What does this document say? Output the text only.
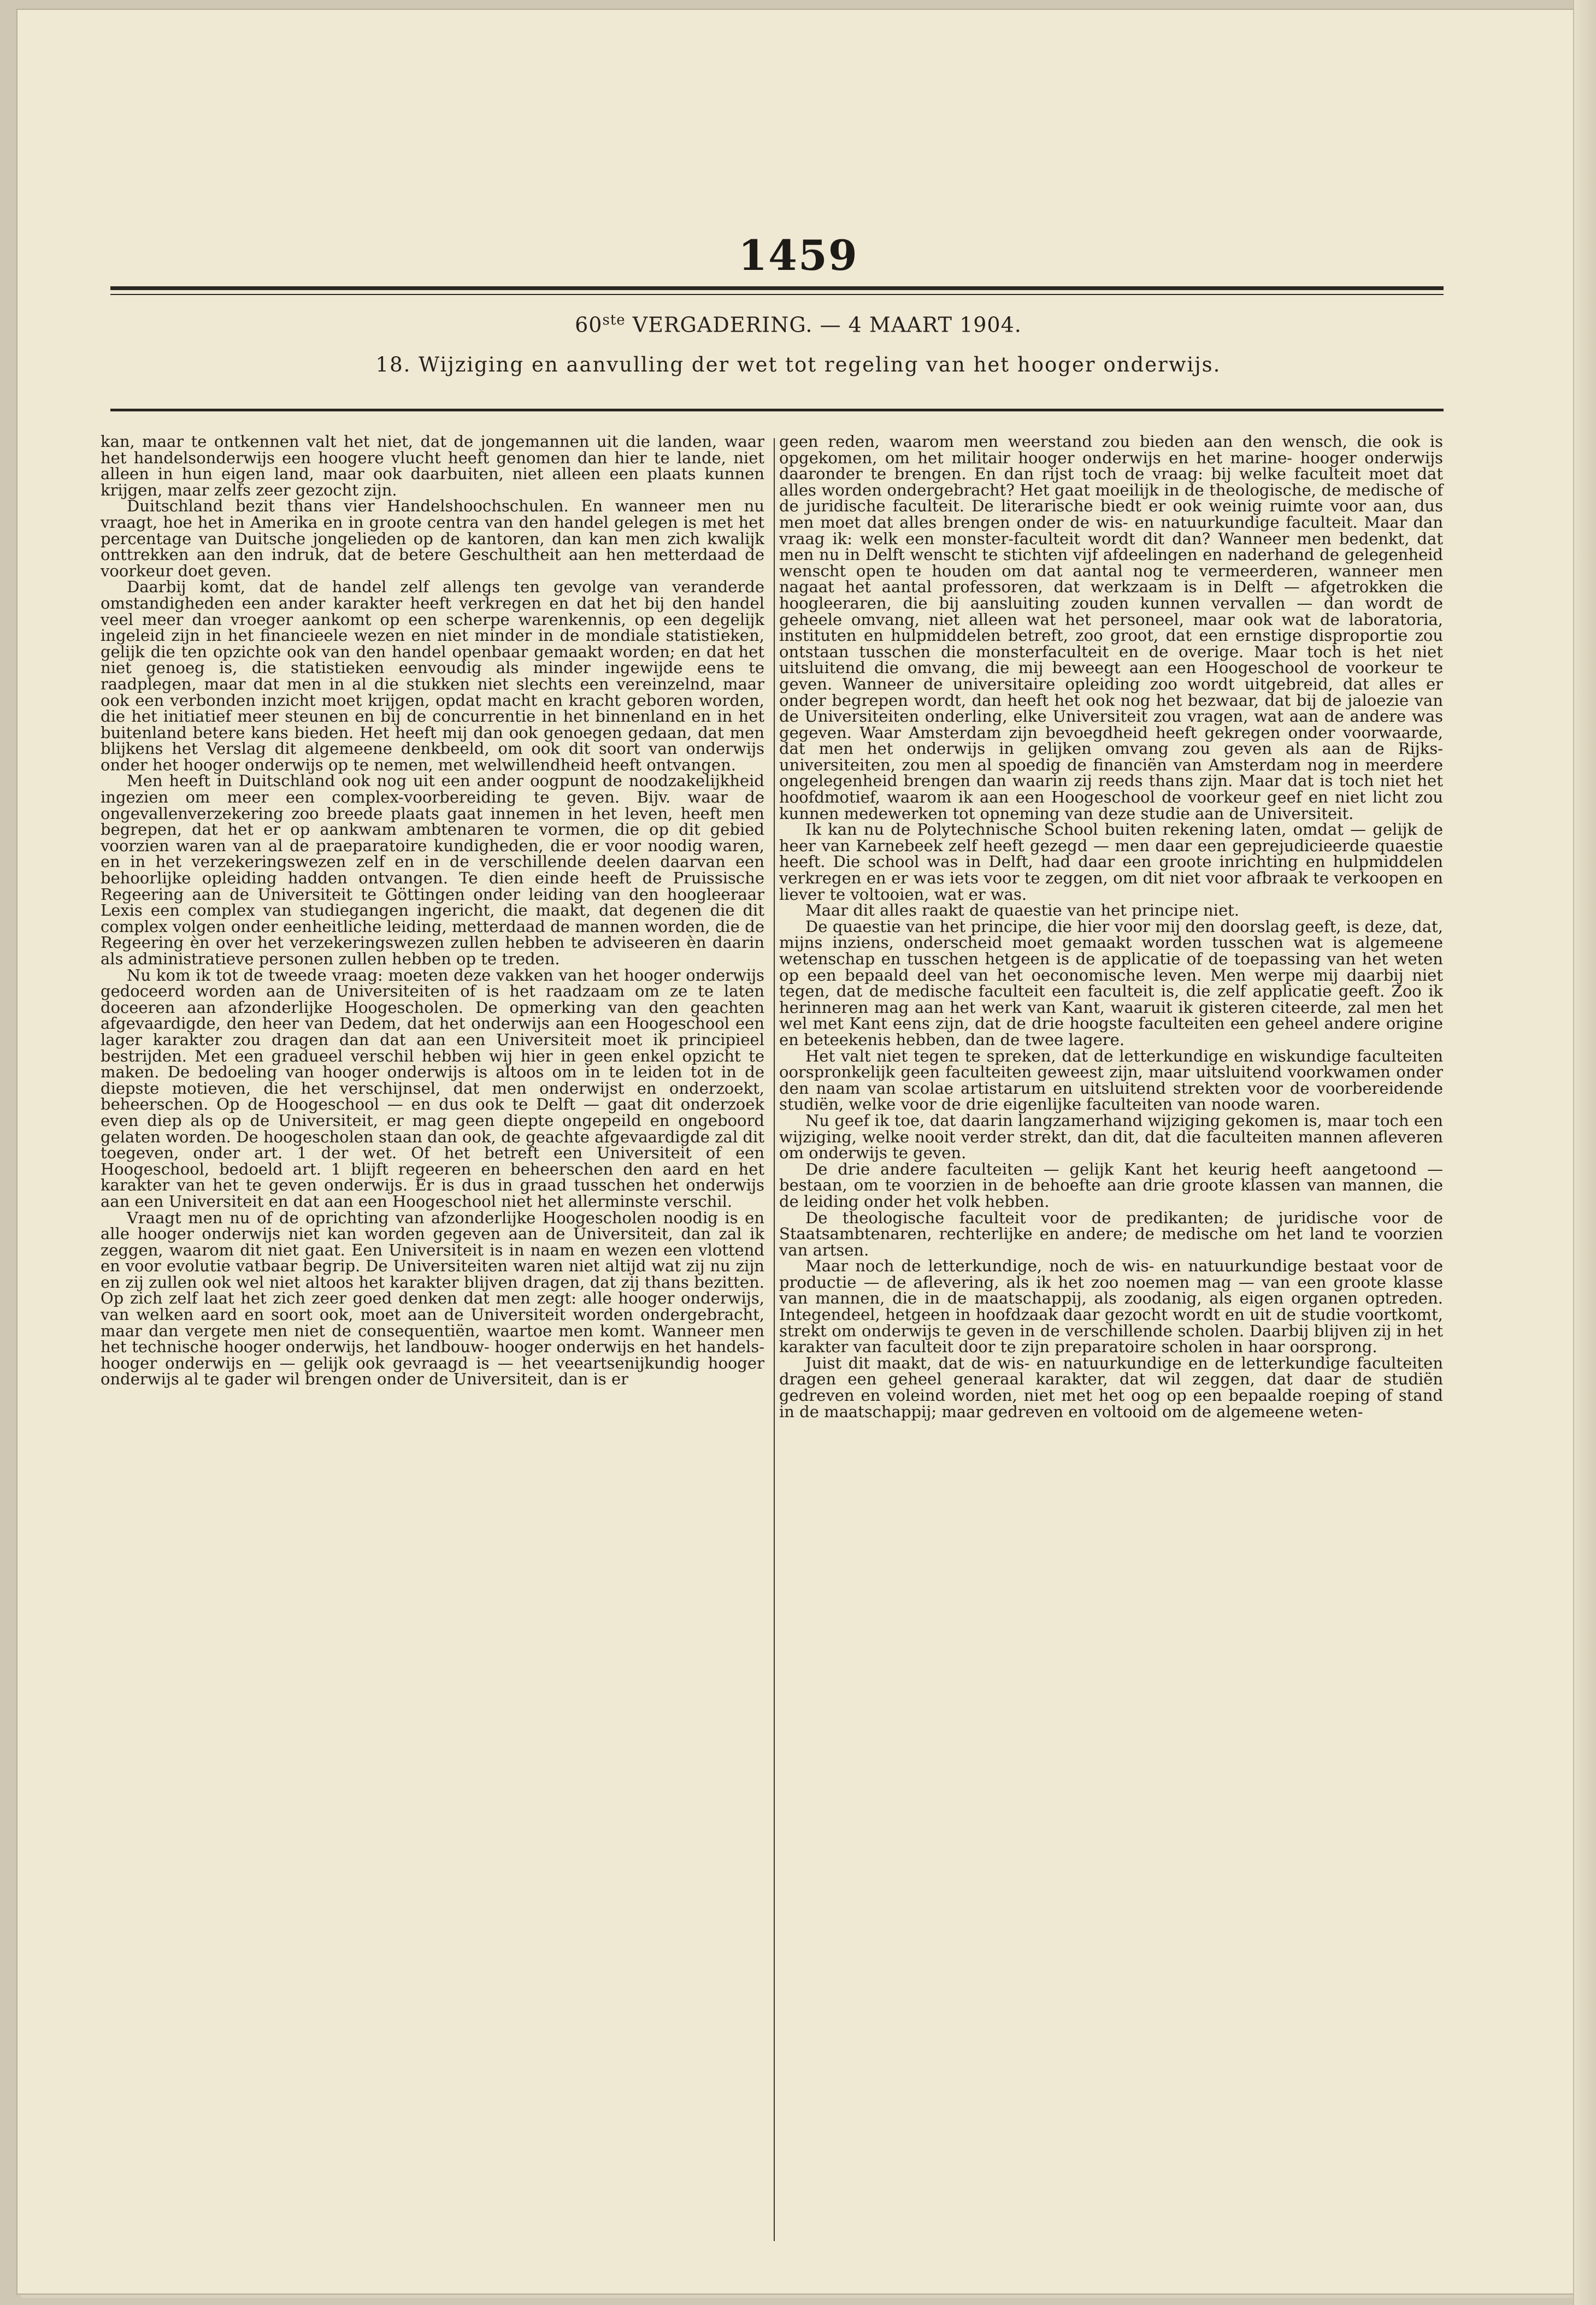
1459
60ste VERGADERING. — 4 MAART 1904.
18. Wijziging en aanvulling der wet tot regeling van het hooger onderwijs.

kan, maar te ontkennen valt het niet, dat de jongemannen uit die landen, waar het handelsonderwijs een hoogere vlucht heeft genomen dan hier te lande, niet alleen in hun eigen land, maar ook daarbuiten, niet alleen een plaats kunnen krijgen, maar zelfs zeer gezocht zijn.

Duitschland bezit thans vier Handelshoochschulen. En wanneer men nu vraagt, hoe het in Amerika en in groote centra van den handel gelegen is met het percentage van Duitsche jongelieden op de kantoren, dan kan men zich kwalijk onttrekken aan den indruk, dat de betere Geschultheit aan hen metterdaad de voorkeur doet geven.

Daarbij komt, dat de handel zelf allengs ten gevolge van veranderde omstandigheden een ander karakter heeft verkregen en dat het bij den handel veel meer dan vroeger aankomt op een scherpe warenkennis, op een degelijk ingeleid zijn in het financieele wezen en niet minder in de mondiale statistieken, gelijk die ten opzichte ook van den handel openbaar gemaakt worden; en dat het niet genoeg is, die statistieken eenvoudig als minder ingewijde eens te raadplegen, maar dat men in al die stukken niet slechts een vereinzelnd, maar ook een verbonden inzicht moet krijgen, opdat macht en kracht geboren worden, die het initiatief meer steunen en bij de concurrentie in het binnenland en in het buitenland betere kans bieden. Het heeft mij dan ook genoegen gedaan, dat men blijkens het Verslag dit algemeene denkbeeld, om ook dit soort van onderwijs onder het hooger onderwijs op te nemen, met welwillendheid heeft ontvangen.

Men heeft in Duitschland ook nog uit een ander oogpunt de noodzakelijkheid ingezien om meer een complex-voorbereiding te geven. Bijv. waar de ongevallenverzekering zoo breede plaats gaat innemen in het leven, heeft men begrepen, dat het er op aankwam ambtenaren te vormen, die op dit gebied voorzien waren van al de praeparatoire kundigheden, die er voor noodig waren, en in het verzekeringswezen zelf en in de verschillende deelen daarvan een behoorlijke opleiding hadden ontvangen. Te dien einde heeft de Pruissische Regeering aan de Universiteit te Göttingen onder leiding van den hoogleeraar Lexis een complex van studiegangen ingericht, die maakt, dat degenen die dit complex volgen onder eenheitliche leiding, metterdaad de mannen worden, die de Regeering èn over het verzekeringswezen zullen hebben te adviseeren èn daarin als administratieve personen zullen hebben op te treden.

Nu kom ik tot de tweede vraag: moeten deze vakken van het hooger onderwijs gedoceerd worden aan de Universiteiten of is het raadzaam om ze te laten doceeren aan afzonderlijke Hoogescholen. De opmerking van den geachten afgevaardigde, den heer van Dedem, dat het onderwijs aan een Hoogeschool een lager karakter zou dragen dan dat aan een Universiteit moet ik principieel bestrijden. Met een gradueel verschil hebben wij hier in geen enkel opzicht te maken. De bedoeling van hooger onderwijs is altoos om in te leiden tot in de diepste motieven, die het verschijnsel, dat men onderwijst en onderzoekt, beheerschen. Op de Hoogeschool — en dus ook te Delft — gaat dit onderzoek even diep als op de Universiteit, er mag geen diepte ongepeild en ongeboord gelaten worden. De hoogescholen staan dan ook, de geachte afgevaardigde zal dit toegeven, onder art. 1 der wet. Of het betreft een Universiteit of een Hoogeschool, bedoeld art. 1 blijft regeeren en beheerschen den aard en het karakter van het te geven onderwijs. Er is dus in graad tusschen het onderwijs aan een Universiteit en dat aan een Hoogeschool niet het allerminste verschil.

Vraagt men nu of de oprichting van afzonderlijke Hoogescholen noodig is en alle hooger onderwijs niet kan worden gegeven aan de Universiteit, dan zal ik zeggen, waarom dit niet gaat. Een Universiteit is in naam en wezen een vlottend en voor evolutie vatbaar begrip. De Universiteiten waren niet altijd wat zij nu zijn en zij zullen ook wel niet altoos het karakter blijven dragen, dat zij thans bezitten. Op zich zelf laat het zich zeer goed denken dat men zegt: alle hooger onderwijs, van welken aard en soort ook, moet aan de Universiteit worden ondergebracht, maar dan vergete men niet de consequentiën, waartoe men komt. Wanneer men het technische hooger onderwijs, het landbouw- hooger onderwijs en het handels- hooger onderwijs en — gelijk ook gevraagd is — het veeartsenijkundig hooger onderwijs al te gader wil brengen onder de Universiteit, dan is er

geen reden, waarom men weerstand zou bieden aan den wensch, die ook is opgekomen, om het militair hooger onderwijs en het marine- hooger onderwijs daaronder te brengen. En dan rijst toch de vraag: bij welke faculteit moet dat alles worden ondergebracht? Het gaat moeilijk in de theologische, de medische of de juridische faculteit. De literarische biedt er ook weinig ruimte voor aan, dus men moet dat alles brengen onder de wis- en natuurkundige faculteit. Maar dan vraag ik: welk een monster-faculteit wordt dit dan? Wanneer men bedenkt, dat men nu in Delft wenscht te stichten vijf afdeelingen en naderhand de gelegenheid wenscht open te houden om dat aantal nog te vermeerderen, wanneer men nagaat het aantal professoren, dat werkzaam is in Delft — afgetrokken die hoogleeraren, die bij aansluiting zouden kunnen vervallen — dan wordt de geheele omvang, niet alleen wat het personeel, maar ook wat de laboratoria, instituten en hulpmiddelen betreft, zoo groot, dat een ernstige disproportie zou ontstaan tusschen die monsterfaculteit en de overige. Maar toch is het niet uitsluitend die omvang, die mij beweegt aan een Hoogeschool de voorkeur te geven. Wanneer de universitaire opleiding zoo wordt uitgebreid, dat alles er onder begrepen wordt, dan heeft het ook nog het bezwaar, dat bij de jaloezie van de Universiteiten onderling, elke Universiteit zou vragen, wat aan de andere was gegeven. Waar Amsterdam zijn bevoegdheid heeft gekregen onder voorwaarde, dat men het onderwijs in gelijken omvang zou geven als aan de Rijks-universiteiten, zou men al spoedig de financiën van Amsterdam nog in meerdere ongelegenheid brengen dan waarin zij reeds thans zijn. Maar dat is toch niet het hoofdmotief, waarom ik aan een Hoogeschool de voorkeur geef en niet licht zou kunnen medewerken tot opneming van deze studie aan de Universiteit.

Ik kan nu de Polytechnische School buiten rekening laten, omdat — gelijk de heer van Karnebeek zelf heeft gezegd — men daar een geprejudicieerde quaestie heeft. Die school was in Delft, had daar een groote inrichting en hulpmiddelen verkregen en er was iets voor te zeggen, om dit niet voor afbraak te verkoopen en liever te voltooien, wat er was.

Maar dit alles raakt de quaestie van het principe niet.

De quaestie van het principe, die hier voor mij den doorslag geeft, is deze, dat, mijns inziens, onderscheid moet gemaakt worden tusschen wat is algemeene wetenschap en tusschen hetgeen is de applicatie of de toepassing van het weten op een bepaald deel van het oeconomische leven. Men werpe mij daarbij niet tegen, dat de medische faculteit een faculteit is, die zelf applicatie geeft. Zoo ik herinneren mag aan het werk van Kant, waaruit ik gisteren citeerde, zal men het wel met Kant eens zijn, dat de drie hoogste faculteiten een geheel andere origine en beteekenis hebben, dan de twee lagere.

Het valt niet tegen te spreken, dat de letterkundige en wiskundige faculteiten oorspronkelijk geen faculteiten geweest zijn, maar uitsluitend voorkwamen onder den naam van scolae artistarum en uitsluitend strekten voor de voorbereidende studiën, welke voor de drie eigenlijke faculteiten van noode waren.

Nu geef ik toe, dat daarin langzamerhand wijziging gekomen is, maar toch een wijziging, welke nooit verder strekt, dan dit, dat die faculteiten mannen afleveren om onderwijs te geven.

De drie andere faculteiten — gelijk Kant het keurig heeft aangetoond — bestaan, om te voorzien in de behoefte aan drie groote klassen van mannen, die de leiding onder het volk hebben.

De theologische faculteit voor de predikanten; de juridische voor de Staatsambtenaren, rechterlijke en andere; de medische om het land te voorzien van artsen.

Maar noch de letterkundige, noch de wis- en natuurkundige bestaat voor de productie — de aflevering, als ik het zoo noemen mag — van een groote klasse van mannen, die in de maatschappij, als zoodanig, als eigen organen optreden. Integendeel, hetgeen in hoofdzaak daar gezocht wordt en uit de studie voortkomt, strekt om onderwijs te geven in de verschillende scholen. Daarbij blijven zij in het karakter van faculteit door te zijn preparatoire scholen in haar oorsprong.

Juist dit maakt, dat de wis- en natuurkundige en de letterkundige faculteiten dragen een geheel generaal karakter, dat wil zeggen, dat daar de studiën gedreven en voleind worden, niet met het oog op een bepaalde roeping of stand in de maatschappij; maar gedreven en voltooid om de algemeene weten-
